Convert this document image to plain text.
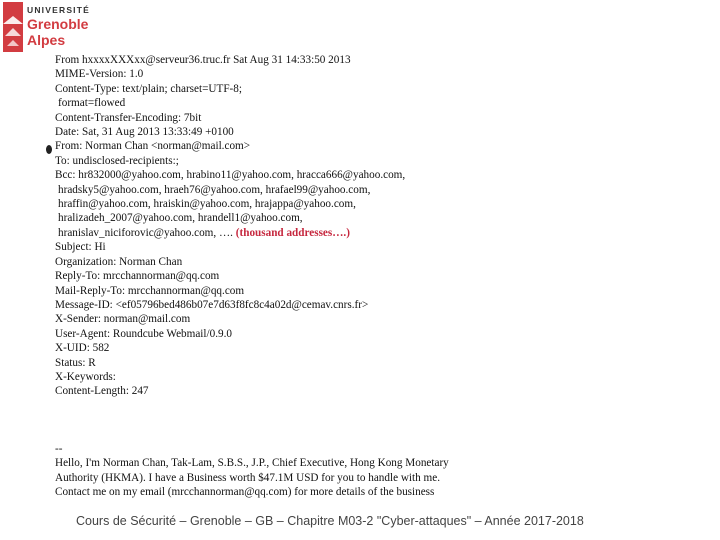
UNIVERSITÉ
Grenoble
Alpes
Cours de Sécurité – Grenoble – GB – Chapitre M03-2 "Cyber-attaques" – Année 2017-2018
From hxxxxXXXxx@serveur36.truc.fr Sat Aug 31 14:33:50 2013
MIME-Version: 1.0
Content-Type: text/plain; charset=UTF-8;
format=flowed
Content-Transfer-Encoding: 7bit
Date: Sat, 31 Aug 2013 13:33:49 +0100
From: Norman Chan <norman@mail.com>
To: undisclosed-recipients:;
Bcc: hr832000@yahoo.com, hrabino11@yahoo.com, hracca666@yahoo.com,
hradsky5@yahoo.com, hraeh76@yahoo.com, hrafael99@yahoo.com,
hraffin@yahoo.com, hraiskin@yahoo.com, hrajappa@yahoo.com,
hralizadeh_2007@yahoo.com, hrandell1@yahoo.com,
hranislav_niciforovic@yahoo.com, …. (thousand addresses….)
Subject: Hi
Organization: Norman Chan
Reply-To: mrcchannorman@qq.com
Mail-Reply-To: mrcchannorman@qq.com
Message-ID: <ef05796bed486b07e7d63f8fc8c4a02d@cemav.cnrs.fr>
X-Sender: norman@mail.com
User-Agent: Roundcube Webmail/0.9.0
X-UID: 582
Status: R
X-Keywords:
Content-Length: 247
--
Hello, I'm Norman Chan, Tak-Lam, S.B.S., J.P., Chief Executive, Hong Kong Monetary Authority (HKMA). I have a Business worth $47.1M USD for you to handle with me. Contact me on my email (mrcchannorman@qq.com) for more details of the business
